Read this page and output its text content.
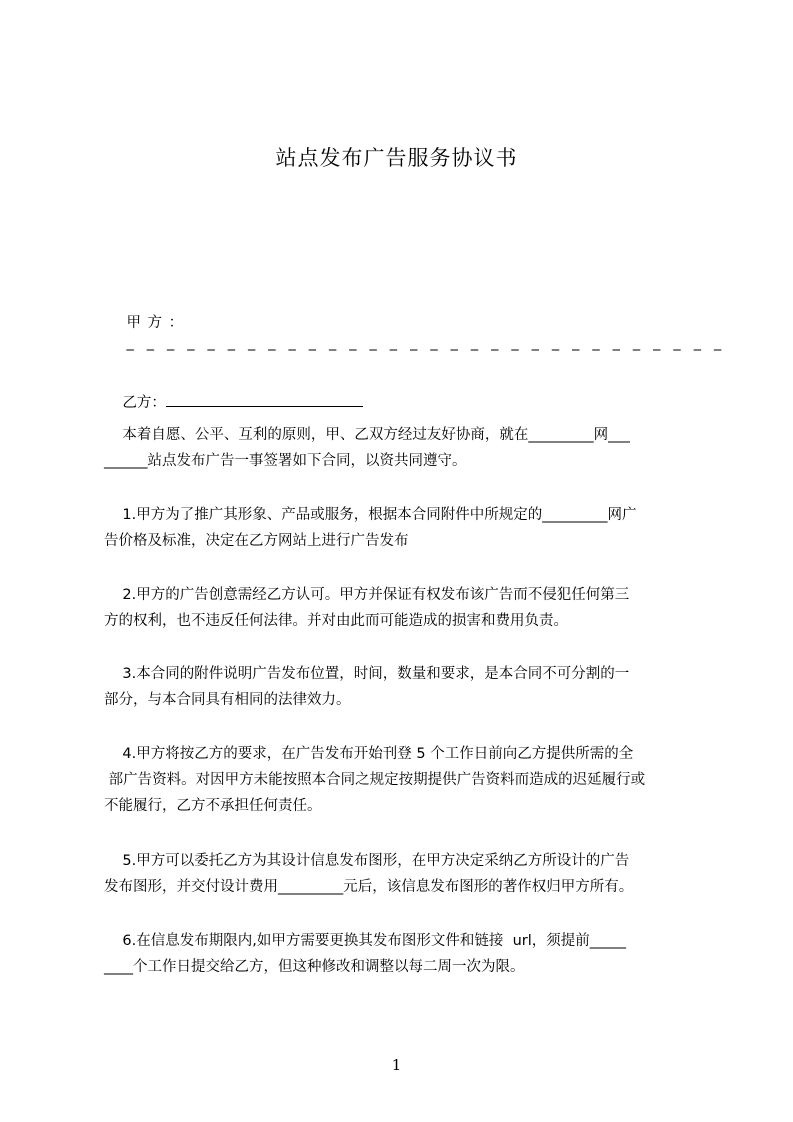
站点发布广告服务协议书

甲 方 ：
_ _ _ _ _ _ _ _ _ _ _ _ _ _ _ _ _ _ _ _ _ _ _ _ _ _ _ _ _ _

乙方：

本着自愿、公平、互利的原则，甲、乙双方经过友好协商，就在_________网___

______站点发布广告一事签署如下合同，以资共同遵守。

1.甲方为了推广其形象、产品或服务，根据本合同附件中所规定的_________网广

告价格及标准，决定在乙方网站上进行广告发布

2.甲方的广告创意需经乙方认可。甲方并保证有权发布该广告而不侵犯任何第三

方的权利，也不违反任何法律。并对由此而可能造成的损害和费用负责。

3.本合同的附件说明广告发布位置，时间，数量和要求，是本合同不可分割的一

部分，与本合同具有相同的法律效力。

4.甲方将按乙方的要求，在广告发布开始刊登 5 个工作日前向乙方提供所需的全

部广告资料。对因甲方未能按照本合同之规定按期提供广告资料而造成的迟延履行或

不能履行，乙方不承担任何责任。

5.甲方可以委托乙方为其设计信息发布图形，在甲方决定采纳乙方所设计的广告

发布图形，并交付设计费用_________元后，该信息发布图形的著作权归甲方所有。

6.在信息发布期限内,如甲方需要更换其发布图形文件和链接  url，须提前_____

____个工作日提交给乙方，但这种修改和调整以每二周一次为限。

1
